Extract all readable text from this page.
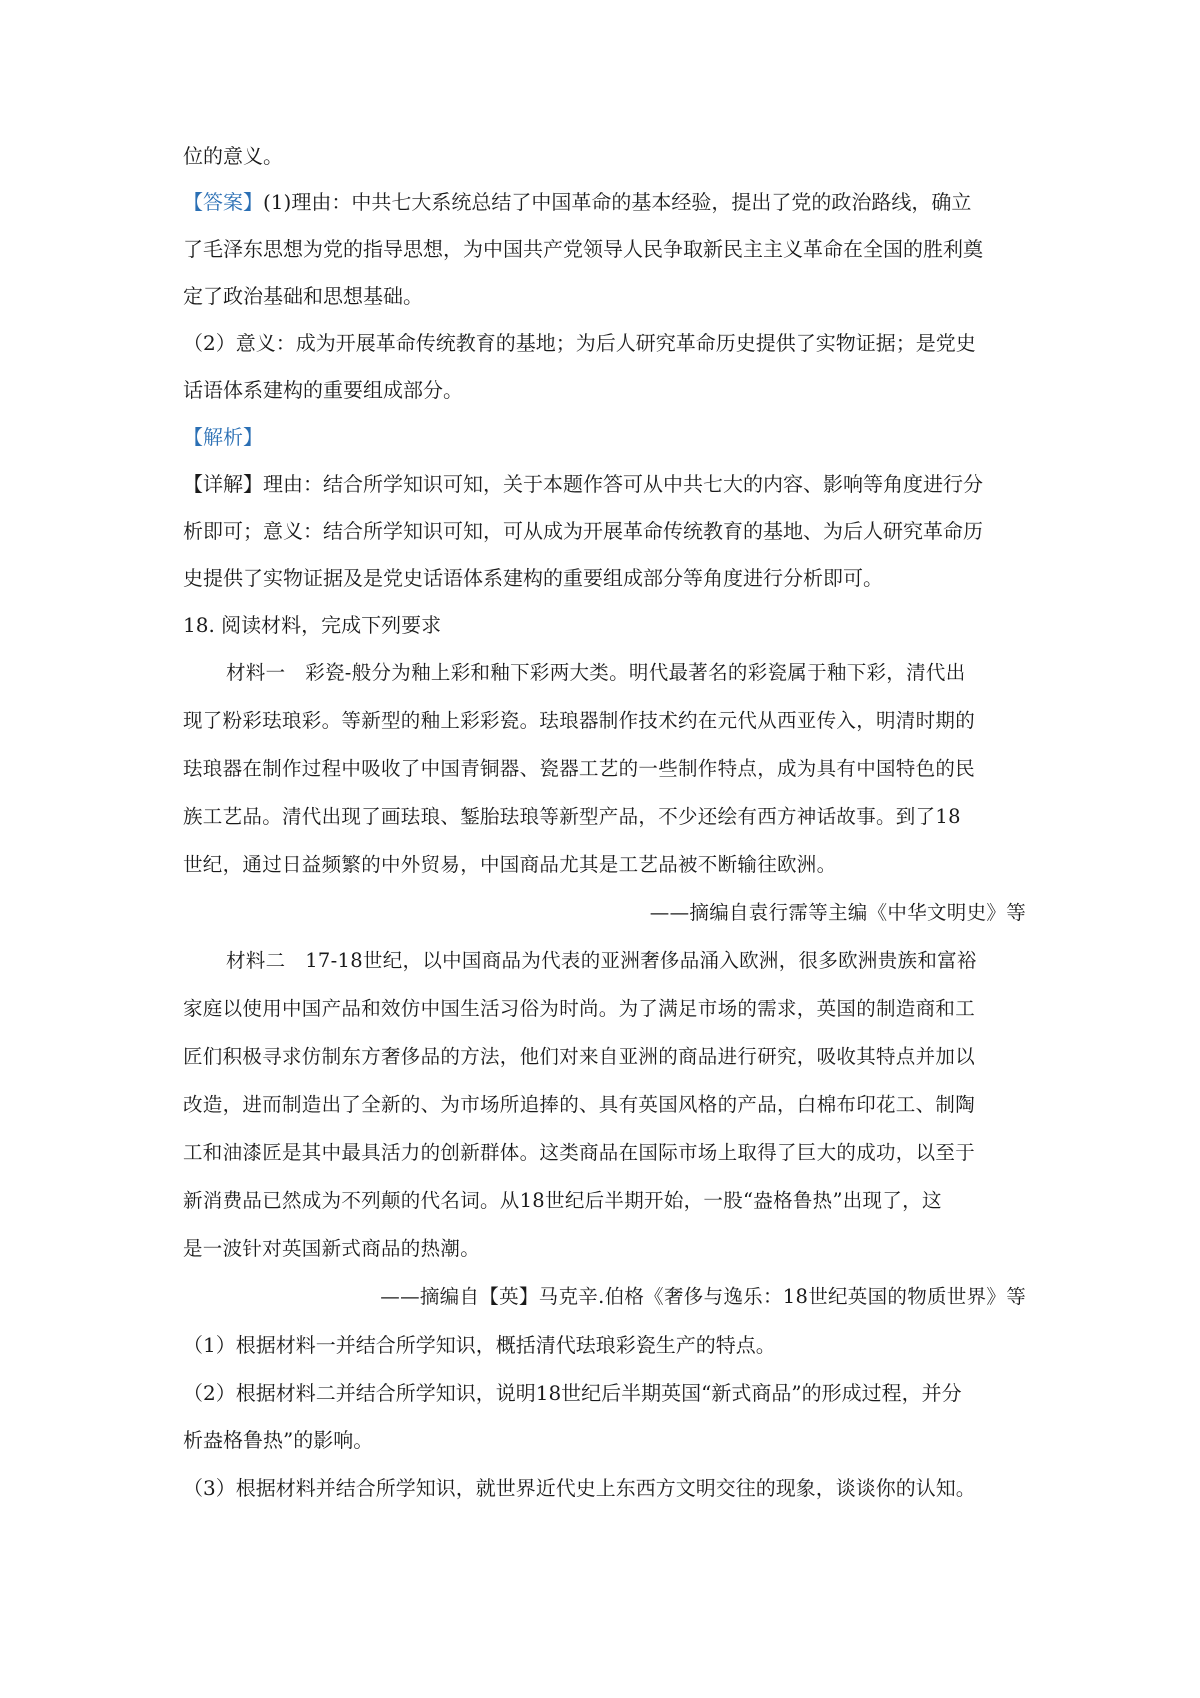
位的意义。
【答案】(1)理由：中共七大系统总结了中国革命的基本经验，提出了党的政治路线，确立
了毛泽东思想为党的指导思想，为中国共产党领导人民争取新民主主义革命在全国的胜利奠
定了政治基础和思想基础。
（2）意义：成为开展革命传统教育的基地；为后人研究革命历史提供了实物证据；是党史
话语体系建构的重要组成部分。
【解析】
【详解】理由：结合所学知识可知，关于本题作答可从中共七大的内容、影响等角度进行分
析即可；意义：结合所学知识可知，可从成为开展革命传统教育的基地、为后人研究革命历
史提供了实物证据及是党史话语体系建构的重要组成部分等角度进行分析即可。
18. 阅读材料，完成下列要求
材料一　彩瓷-般分为釉上彩和釉下彩两大类。明代最著名的彩瓷属于釉下彩，清代出
现了粉彩珐琅彩。等新型的釉上彩彩瓷。珐琅器制作技术约在元代从西亚传入，明清时期的
珐琅器在制作过程中吸收了中国青铜器、瓷器工艺的一些制作特点，成为具有中国特色的民
族工艺品。清代出现了画珐琅、錾胎珐琅等新型产品，不少还绘有西方神话故事。到了18
世纪，通过日益频繁的中外贸易，中国商品尤其是工艺品被不断输往欧洲。
——摘编自袁行霈等主编《中华文明史》等
材料二　17-18世纪，以中国商品为代表的亚洲奢侈品涌入欧洲，很多欧洲贵族和富裕
家庭以使用中国产品和效仿中国生活习俗为时尚。为了满足市场的需求，英国的制造商和工
匠们积极寻求仿制东方奢侈品的方法，他们对来自亚洲的商品进行研究，吸收其特点并加以
改造，进而制造出了全新的、为市场所追捧的、具有英国风格的产品，白棉布印花工、制陶
工和油漆匠是其中最具活力的创新群体。这类商品在国际市场上取得了巨大的成功，以至于
新消费品已然成为不列颠的代名词。从18世纪后半期开始，一股“盎格鲁热”出现了，这
是一波针对英国新式商品的热潮。
——摘编自【英】马克辛.伯格《奢侈与逸乐：18世纪英国的物质世界》等
（1）根据材料一并结合所学知识，概括清代珐琅彩瓷生产的特点。
（2）根据材料二并结合所学知识，说明18世纪后半期英国“新式商品”的形成过程，并分
析盎格鲁热”的影响。
（3）根据材料并结合所学知识，就世界近代史上东西方文明交往的现象，谈谈你的认知。
